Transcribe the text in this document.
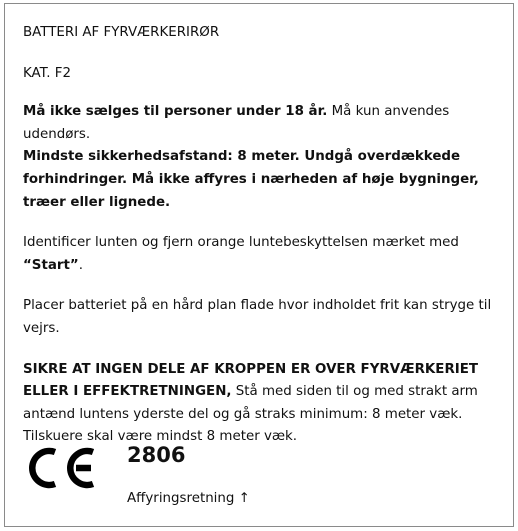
BATTERI AF FYRVÆRKERIRØR

KAT. F2

Må ikke sælges til personer under 18 år. Må kun anvendes udendørs.
Mindste sikkerhedsafstand: 8 meter. Undgå overdækkede forhindringer. Må ikke affyres i nærheden af høje bygninger, træer eller lignede.

Identificer lunten og fjern orange luntebeskyttelsen mærket med “Start”.

Placer batteriet på en hård plan flade hvor indholdet frit kan stryge til vejrs.

SIKRE AT INGEN DELE AF KROPPEN ER OVER FYRVÆRKERIET ELLER I EFFEKTRETNINGEN, Stå med siden til og med strakt arm antænd luntens yderste del og gå straks minimum: 8 meter væk. Tilskuere skal være mindst 8 meter væk.

2806
Affyringsretning ↑
